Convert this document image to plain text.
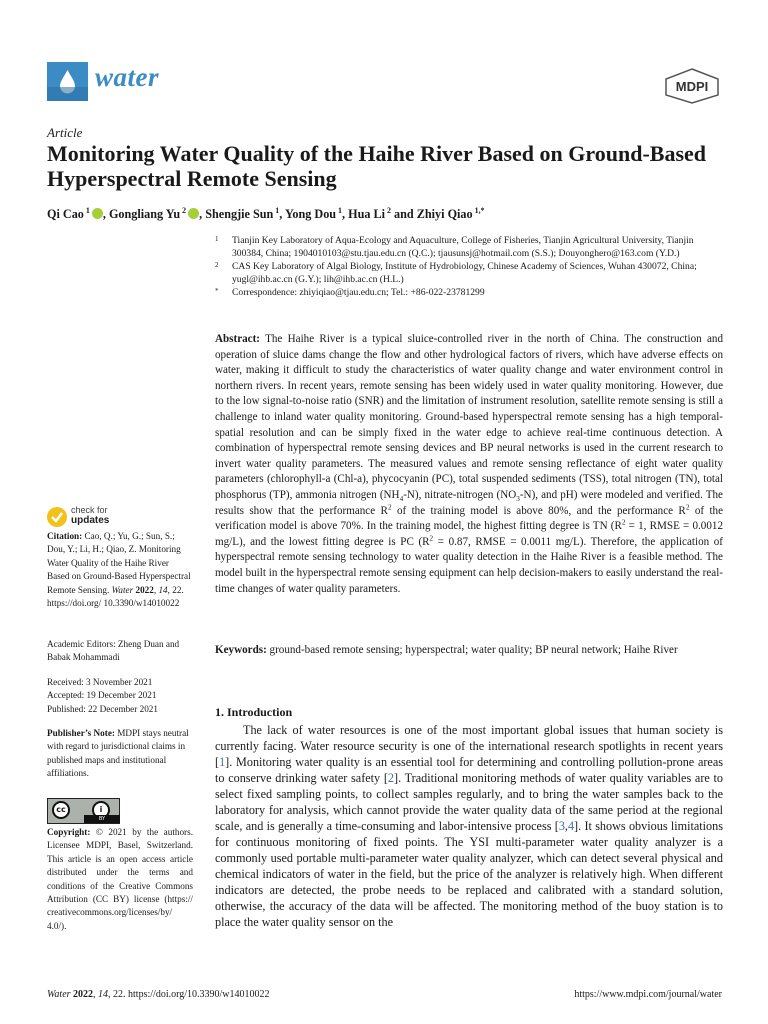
water	MDPI
Article
Monitoring Water Quality of the Haihe River Based on Ground-Based Hyperspectral Remote Sensing
Qi Cao $^1$ , Gongliang Yu $^2$ , Shengjie Sun $^1$, Yong Dou $^1$, Hua Li $^2$ and Zhiyi Qiao $^{1,*}$
1	Tianjin Key Laboratory of Aqua-Ecology and Aquaculture, College of Fisheries, Tianjin Agricultural University, Tianjin 300384, China; 1904010103@stu.tjau.edu.cn (Q.C.); tjausunsj@hotmail.com (S.S.); Douyonghero@163.com (Y.D.)
2	CAS Key Laboratory of Algal Biology, Institute of Hydrobiology, Chinese Academy of Sciences, Wuhan 430072, China; yugl@ihb.ac.cn (G.Y.); lih@ihb.ac.cn (H.L.)
*	Correspondence: zhiyiqiao@tjau.edu.cn; Tel.: +86-022-23781299
Abstract: The Haihe River is a typical sluice-controlled river in the north of China. The construction and operation of sluice dams change the flow and other hydrological factors of rivers, which have adverse effects on water, making it difficult to study the characteristics of water quality change and water environment control in northern rivers. In recent years, remote sensing has been widely used in water quality monitoring. However, due to the low signal-to-noise ratio (SNR) and the limitation of instrument resolution, satellite remote sensing is still a challenge to inland water quality monitoring. Ground-based hyperspectral remote sensing has a high temporal-spatial resolution and can be simply fixed in the water edge to achieve real-time continuous detection. A combination of hyperspectral remote sensing devices and BP neural networks is used in the current research to invert water quality parameters. The measured values and remote sensing reflectance of eight water quality parameters (chlorophyll-a (Chl-a), phycocyanin (PC), total suspended sediments (TSS), total nitrogen (TN), total phosphorus (TP), ammonia nitrogen $(NH_4-N)$, nitrate-nitrogen $(NO_3-N)$, and pH) were modeled and verified. The results show that the performance $R^2$ of the training model is above 80%, and the performance $R^2$ of the verification model is above 70%. In the training model, the highest fitting degree is TN ($R^2 = 1$, RMSE = 0.0012 mg/L), and the lowest fitting degree is PC ($R^2 = 0.87$, RMSE = 0.0011 mg/L). Therefore, the application of hyperspectral remote sensing technology to water quality detection in the Haihe River is a feasible method. The model built in the hyperspectral remote sensing equipment can help decision-makers to easily understand the real-time changes of water quality parameters.
Keywords: ground-based remote sensing; hyperspectral; water quality; BP neural network; Haihe River
check for
updates
Citation: Cao, Q.; Yu, G.; Sun, S.; Dou, Y.; Li, H.; Qiao, Z. Monitoring Water Quality of the Haihe River Based on Ground-Based Hyperspectral Remote Sensing. Water 2022, 14, 22. https://doi.org/ 10.3390/w14010022
Academic Editors: Zheng Duan and Babak Mohammadi
Received: 3 November 2021
Accepted: 19 December 2021
Published: 22 December 2021
Publisher’s Note: MDPI stays neutral with regard to jurisdictional claims in published maps and institutional affiliations.
cc	i
BY
Copyright: © 2021 by the authors. Licensee MDPI, Basel, Switzerland. This article is an open access article distributed under the terms and conditions of the Creative Commons Attribution (CC BY) license (https:// creativecommons.org/licenses/by/ 4.0/).
1. Introduction
The lack of water resources is one of the most important global issues that human society is currently facing. Water resource security is one of the international research spotlights in recent years [1]. Monitoring water quality is an essential tool for determining and controlling pollution-prone areas to conserve drinking water safety [2]. Traditional monitoring methods of water quality variables are to select fixed sampling points, to collect samples regularly, and to bring the water samples back to the laboratory for analysis, which cannot provide the water quality data of the same period at the regional scale, and is generally a time-consuming and labor-intensive process [3,4]. It shows obvious limitations for continuous monitoring of fixed points. The YSI multi-parameter water quality analyzer is a commonly used portable multi-parameter water quality analyzer, which can detect several physical and chemical indicators of water in the field, but the price of the analyzer is relatively high. When different indicators are detected, the probe needs to be replaced and calibrated with a standard solution, otherwise, the accuracy of the data will be affected. The monitoring method of the buoy station is to place the water quality sensor on the
Water 2022, 14, 22. https://doi.org/10.3390/w14010022	https://www.mdpi.com/journal/water
